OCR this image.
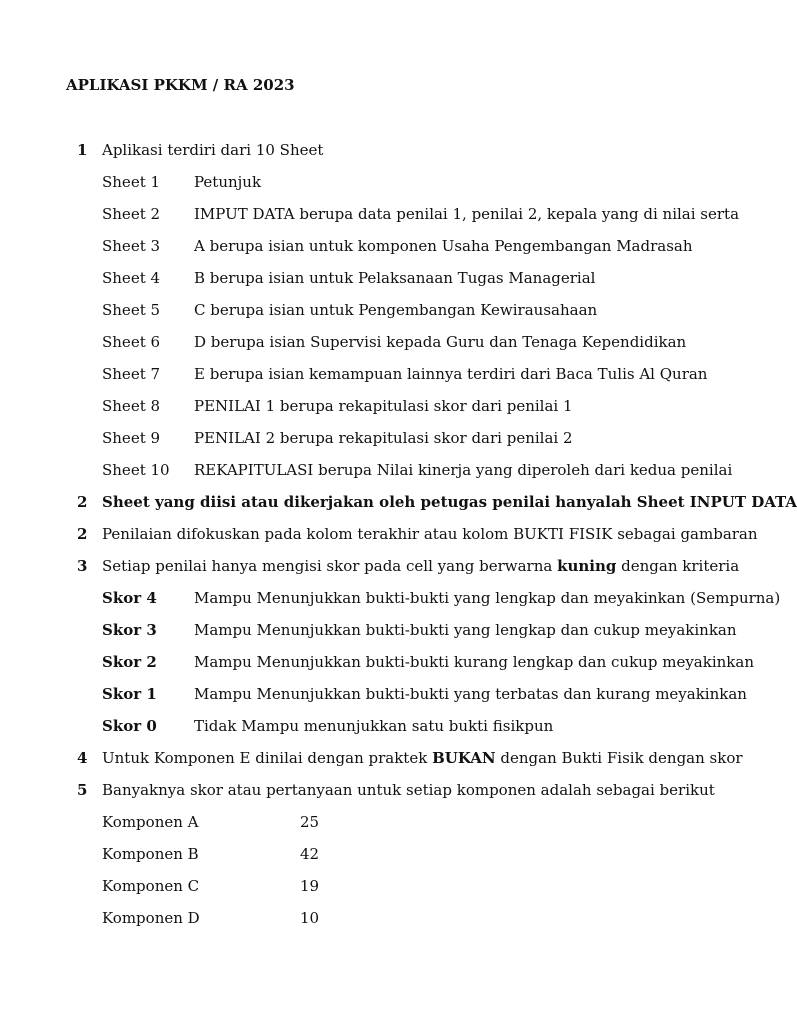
APLIKASI PKKM / RA 2023
1 Aplikasi terdiri dari 10 Sheet
Sheet 1 Petunjuk
Sheet 2 IMPUT DATA berupa data penilai 1, penilai 2, kepala yang di nilai serta
Sheet 3 A berupa isian untuk komponen Usaha Pengembangan Madrasah
Sheet 4 B berupa isian untuk Pelaksanaan Tugas Managerial
Sheet 5 C berupa isian untuk Pengembangan Kewirausahaan
Sheet 6 D berupa isian Supervisi kepada Guru dan Tenaga Kependidikan
Sheet 7 E berupa isian kemampuan lainnya terdiri dari Baca Tulis Al Quran
Sheet 8 PENILAI 1 berupa rekapitulasi skor dari penilai 1
Sheet 9 PENILAI 2 berupa rekapitulasi skor dari penilai 2
Sheet 10 REKAPITULASI berupa Nilai kinerja yang diperoleh dari kedua penilai
2 Sheet yang diisi atau dikerjakan oleh petugas penilai hanyalah Sheet INPUT DATA
2 Penilaian difokuskan pada kolom terakhir atau kolom BUKTI FISIK sebagai gambaran
3 Setiap penilai hanya mengisi skor pada cell yang berwarna kuning dengan kriteria
Skor 4 Mampu Menunjukkan bukti-bukti yang lengkap dan meyakinkan (Sempurna)
Skor 3 Mampu Menunjukkan bukti-bukti yang lengkap dan cukup meyakinkan
Skor 2 Mampu Menunjukkan bukti-bukti kurang lengkap dan cukup meyakinkan
Skor 1 Mampu Menunjukkan bukti-bukti yang terbatas dan kurang meyakinkan
Skor 0 Tidak Mampu menunjukkan satu bukti fisikpun
4 Untuk Komponen E dinilai dengan praktek BUKAN dengan Bukti Fisik dengan skor
5 Banyaknya skor atau pertanyaan untuk setiap komponen adalah sebagai berikut
Komponen A	25
Komponen B	42
Komponen C	19
Komponen D	10
